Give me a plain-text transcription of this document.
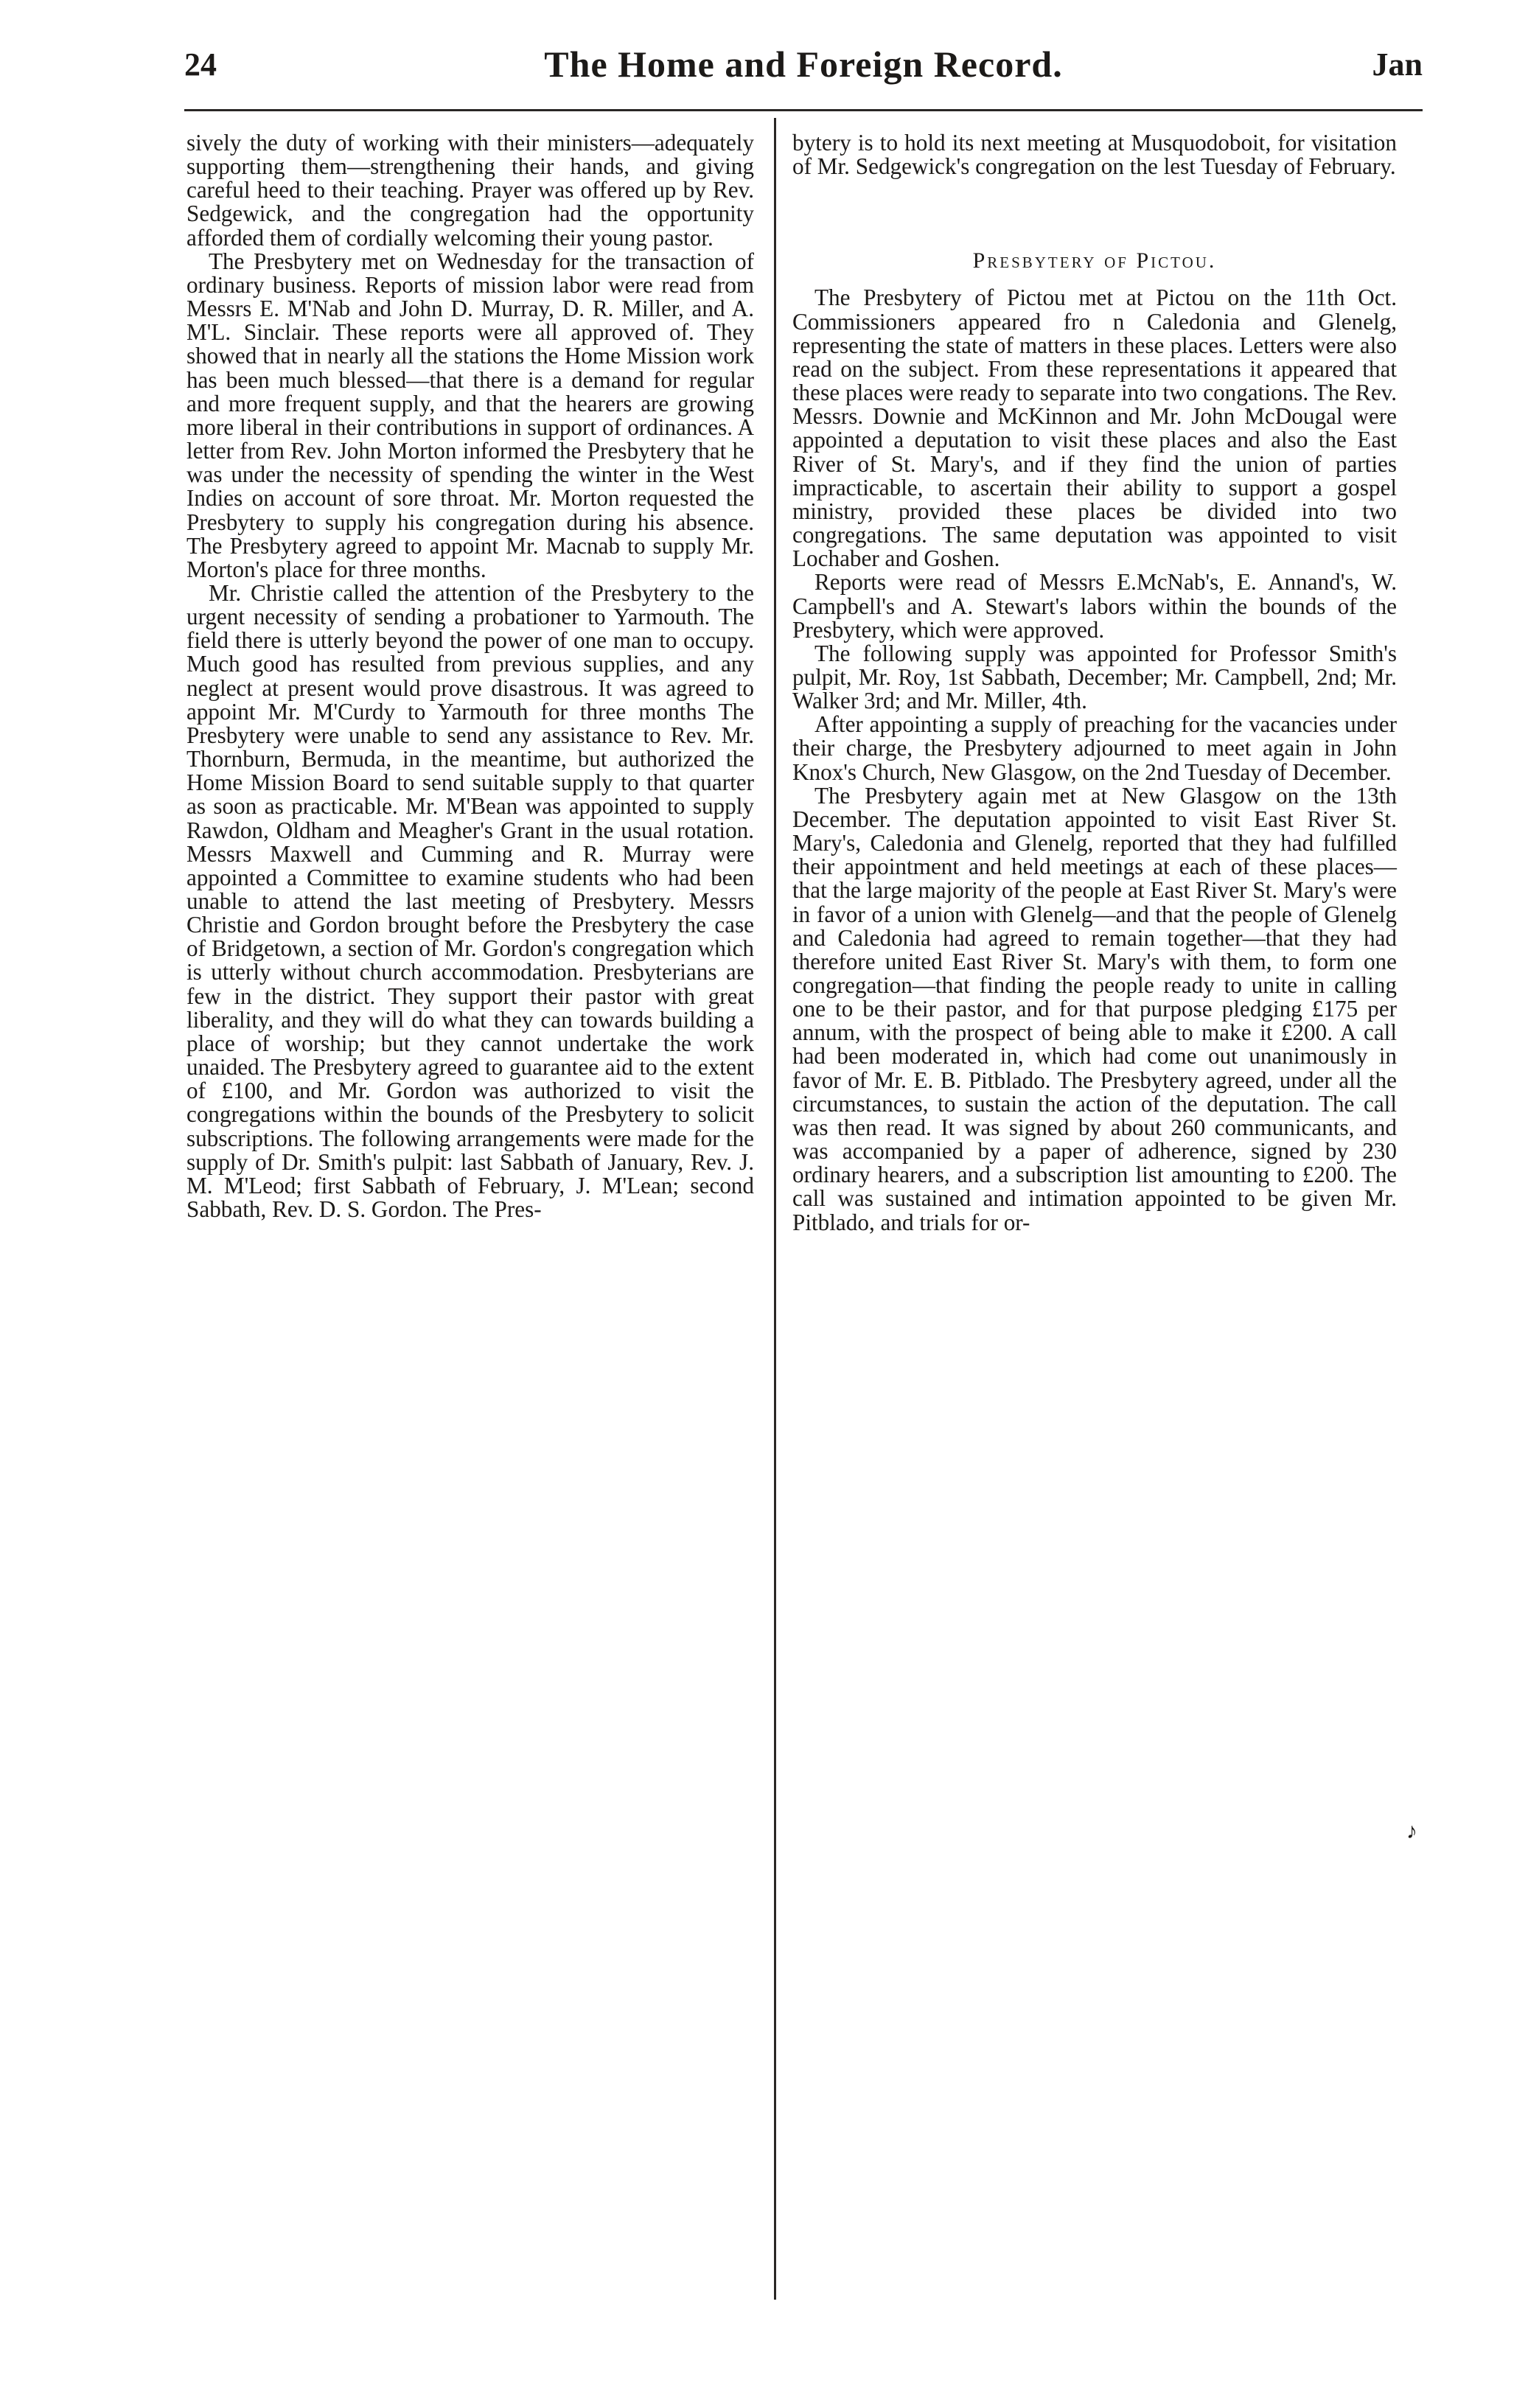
24	The Home and Foreign Record.	Jan

sively the duty of working with their ministers—adequately supporting them—strengthening their hands, and giving careful heed to their teaching. Prayer was offered up by Rev. Sedgewick, and the congregation had the opportunity afforded them of cordially welcoming their young pastor.

The Presbytery met on Wednesday for the transaction of ordinary business. Reports of mission labor were read from Messrs E. M'Nab and John D. Murray, D. R. Miller, and A. M'L. Sinclair. These reports were all approved of. They showed that in nearly all the stations the Home Mission work has been much blessed—that there is a demand for regular and more frequent supply, and that the hearers are growing more liberal in their contributions in support of ordinances. A letter from Rev. John Morton informed the Presbytery that he was under the necessity of spending the winter in the West Indies on account of sore throat. Mr. Morton requested the Presbytery to supply his congregation during his absence. The Presbytery agreed to appoint Mr. Macnab to supply Mr. Morton's place for three months.

Mr. Christie called the attention of the Presbytery to the urgent necessity of sending a probationer to Yarmouth. The field there is utterly beyond the power of one man to occupy. Much good has resulted from previous supplies, and any neglect at present would prove disastrous. It was agreed to appoint Mr. M'Curdy to Yarmouth for three months The Presbytery were unable to send any assistance to Rev. Mr. Thornburn, Bermuda, in the meantime, but authorized the Home Mission Board to send suitable supply to that quarter as soon as practicable. Mr. M'Bean was appointed to supply Rawdon, Oldham and Meagher's Grant in the usual rotation. Messrs Maxwell and Cumming and R. Murray were appointed a Committee to examine students who had been unable to attend the last meeting of Presbytery. Messrs Christie and Gordon brought before the Presbytery the case of Bridgetown, a section of Mr. Gordon's congregation which is utterly without church accommodation. Presbyterians are few in the district. They support their pastor with great liberality, and they will do what they can towards building a place of worship; but they cannot undertake the work unaided. The Presbytery agreed to guarantee aid to the extent of £100, and Mr. Gordon was authorized to visit the congregations within the bounds of the Presbytery to solicit subscriptions. The following arrangements were made for the supply of Dr. Smith's pulpit: last Sabbath of January, Rev. J. M. M'Leod; first Sabbath of February, J. M'Lean; second Sabbath, Rev. D. S. Gordon. The Pres-

bytery is to hold its next meeting at Musquodoboit, for visitation of Mr. Sedgewick's congregation on the lest Tuesday of February.

Presbytery of Pictou.

The Presbytery of Pictou met at Pictou on the 11th Oct. Commissioners appeared fro n Caledonia and Glenelg, representing the state of matters in these places. Letters were also read on the subject. From these representations it appeared that these places were ready to separate into two congations. The Rev. Messrs. Downie and McKinnon and Mr. John McDougal were appointed a deputation to visit these places and also the East River of St. Mary's, and if they find the union of parties impracticable, to ascertain their ability to support a gospel ministry, provided these places be divided into two congregations. The same deputation was appointed to visit Lochaber and Goshen.

Reports were read of Messrs E.McNab's, E. Annand's, W. Campbell's and A. Stewart's labors within the bounds of the Presbytery, which were approved.

The following supply was appointed for Professor Smith's pulpit, Mr. Roy, 1st Sabbath, December; Mr. Campbell, 2nd; Mr. Walker 3rd; and Mr. Miller, 4th.

After appointing a supply of preaching for the vacancies under their charge, the Presbytery adjourned to meet again in John Knox's Church, New Glasgow, on the 2nd Tuesday of December.

The Presbytery again met at New Glasgow on the 13th December. The deputation appointed to visit East River St. Mary's, Caledonia and Glenelg, reported that they had fulfilled their appointment and held meetings at each of these places—that the large majority of the people at East River St. Mary's were in favor of a union with Glenelg—and that the people of Glenelg and Caledonia had agreed to remain together—that they had therefore united East River St. Mary's with them, to form one congregation—that finding the people ready to unite in calling one to be their pastor, and for that purpose pledging £175 per annum, with the prospect of being able to make it £200. A call had been moderated in, which had come out unanimously in favor of Mr. E. B. Pitblado. The Presbytery agreed, under all the circumstances, to sustain the action of the deputation. The call was then read. It was signed by about 260 communicants, and was accompanied by a paper of adherence, signed by 230 ordinary hearers, and a subscription list amounting to £200. The call was sustained and intimation appointed to be given Mr. Pitblado, and trials for or-

♪
